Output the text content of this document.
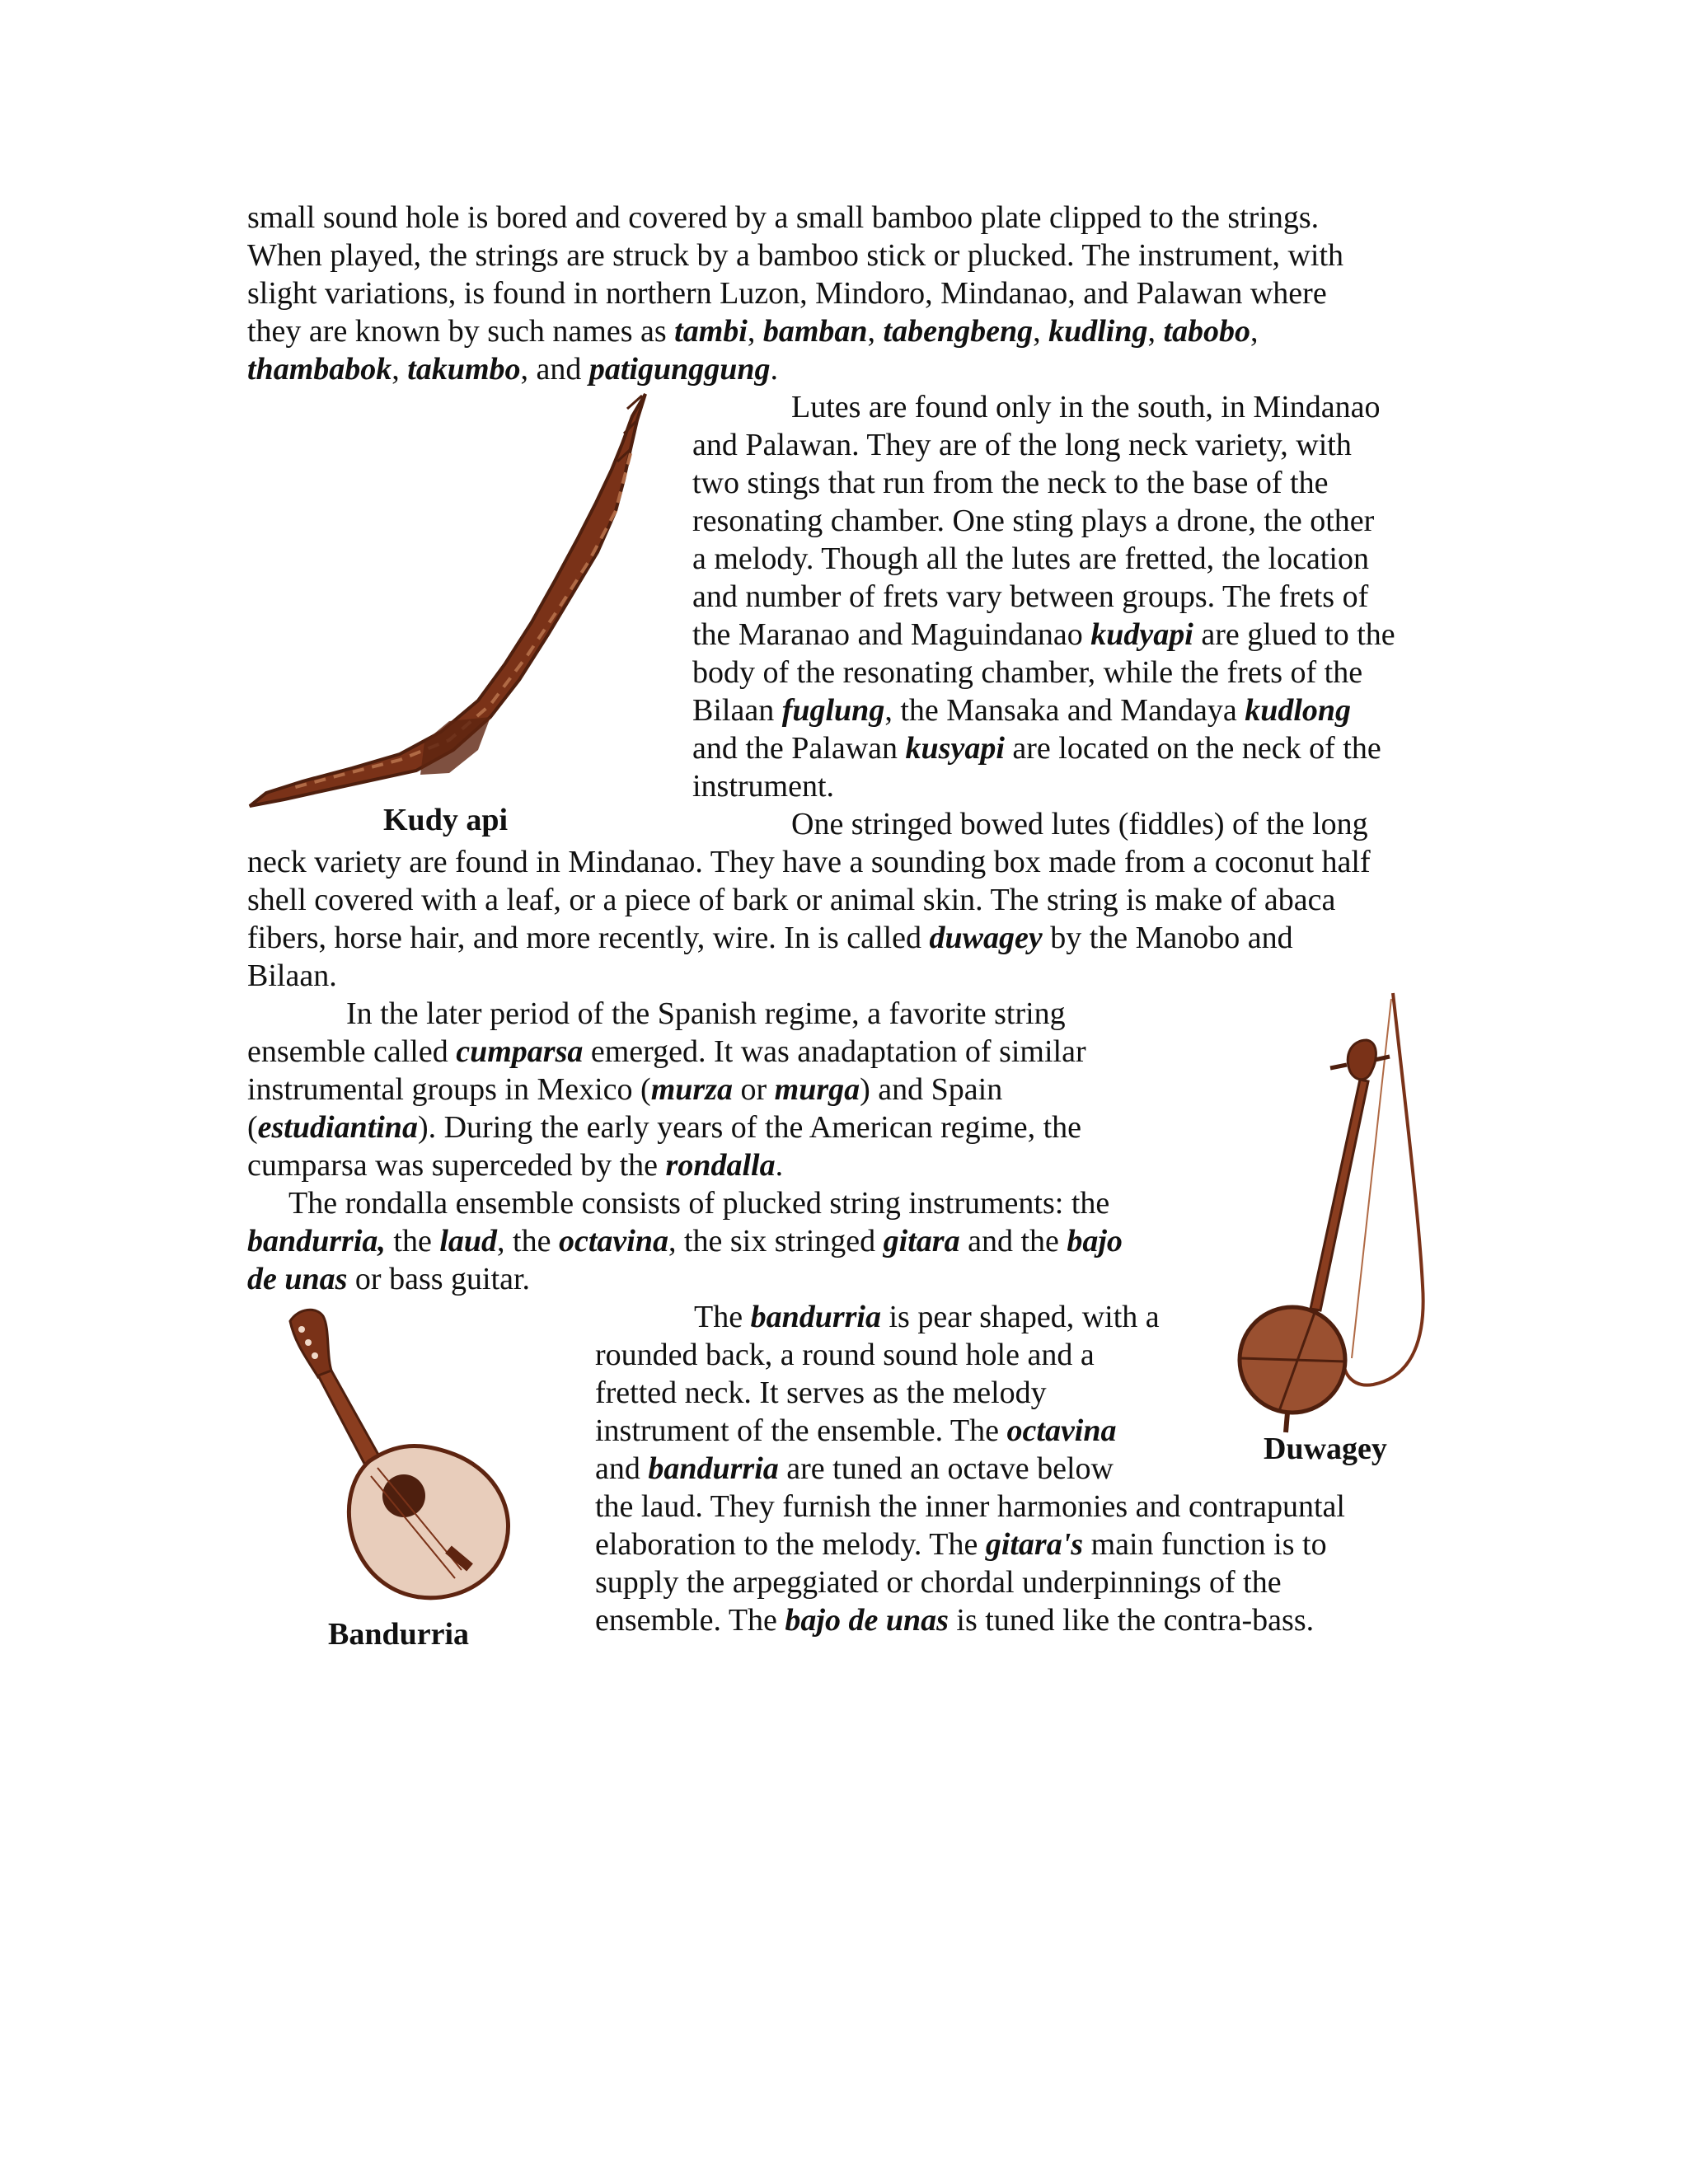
small sound hole is bored and covered by a small bamboo plate clipped to the strings.

When played, the strings are struck by a bamboo stick or plucked. The instrument, with

slight variations, is found in northern Luzon, Mindoro, Mindanao, and Palawan where

they are known by such names as tambi, bamban, tabengbeng, kudling, tabobo,

thambabok, takumbo, and patigunggung.

Lutes are found only in the south, in Mindanao

and Palawan. They are of the long neck variety, with

two stings that run from the neck to the base of the

resonating chamber. One sting plays a drone, the other

a melody. Though all the lutes are fretted, the location

and number of frets vary between groups. The frets of

the Maranao and Maguindanao kudyapi are glued to the

body of the resonating chamber, while the frets of the

Bilaan fuglung, the Mansaka and Mandaya kudlong

and the Palawan kusyapi are located on the neck of the

instrument.

One stringed bowed lutes (fiddles) of the long

neck variety are found in Mindanao. They have a sounding box made from a coconut half

shell covered with a leaf, or a piece of bark or animal skin. The string is make of abaca

fibers, horse hair, and more recently, wire. In is called duwagey by the Manobo and

Bilaan.

In the later period of the Spanish regime, a favorite string

ensemble called cumparsa emerged. It was anadaptation of similar

instrumental groups in Mexico (murza or murga) and Spain

(estudiantina). During the early years of the American regime, the

cumparsa was superceded by the rondalla.

The rondalla ensemble consists of plucked string instruments: the

bandurria, the laud, the octavina, the six stringed gitara and the bajo

de unas or bass guitar.

The bandurria is pear shaped, with a

rounded back, a round sound hole and a

fretted neck. It serves as the melody

instrument of the ensemble. The octavina

and bandurria are tuned an octave below

the laud. They furnish the inner harmonies and contrapuntal

elaboration to the melody. The gitara's main function is to

supply the arpeggiated or chordal underpinnings of the

ensemble. The bajo de unas is tuned like the contra-bass.

Kudy api

Duwagey

Bandurria
